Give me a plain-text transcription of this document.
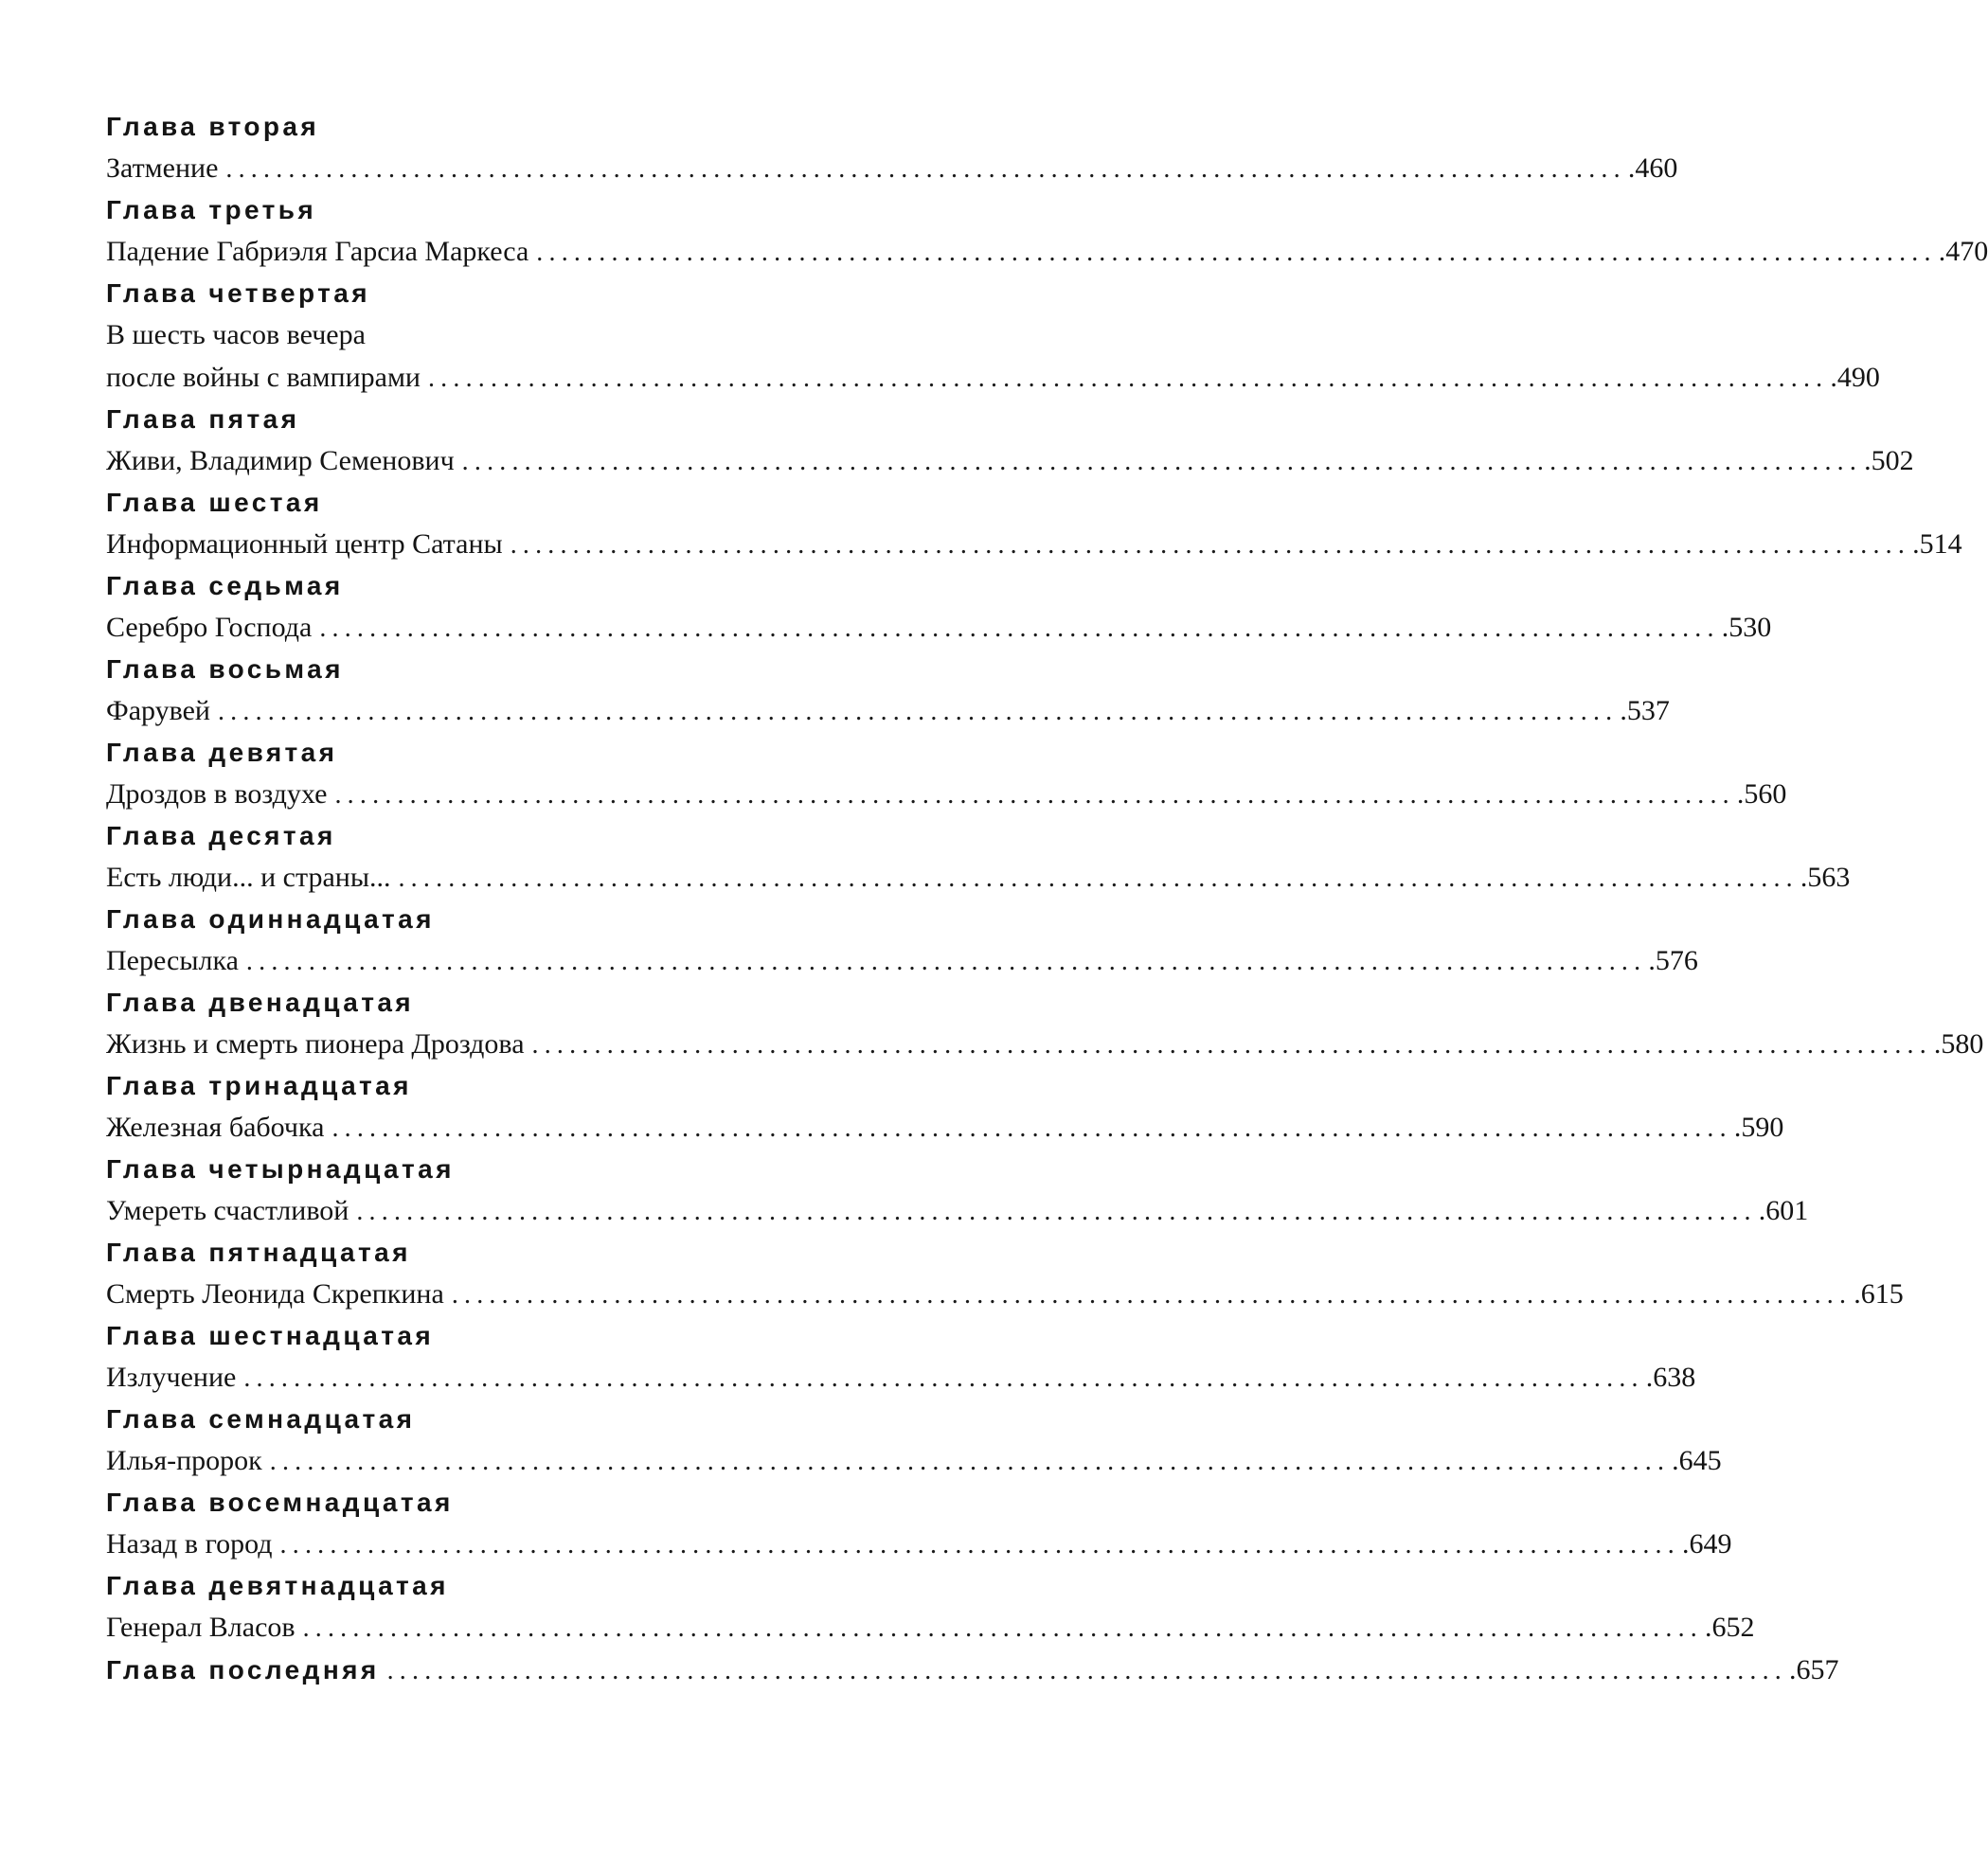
Глава вторая
Затмение ................................................................................................................ .460
Глава третья
Падение Габриэля Гарсиа Маркеса ................................................................................................................ .470
Глава четвертая
В шесть часов вечера
после войны с вампирами ................................................................................................................ .490
Глава пятая
Живи, Владимир Семенович ................................................................................................................ .502
Глава шестая
Информационный центр Сатаны ................................................................................................................ .514
Глава седьмая
Серебро Господа ................................................................................................................ .530
Глава восьмая
Фарувей ................................................................................................................ .537
Глава девятая
Дроздов в воздухе ................................................................................................................ .560
Глава десятая
Есть люди... и страны... ................................................................................................................ .563
Глава одиннадцатая
Пересылка ................................................................................................................ .576
Глава двенадцатая
Жизнь и смерть пионера Дроздова ................................................................................................................ .580
Глава тринадцатая
Железная бабочка ................................................................................................................ .590
Глава четырнадцатая
Умереть счастливой ................................................................................................................ .601
Глава пятнадцатая
Смерть Леонида Скрепкина ................................................................................................................ .615
Глава шестнадцатая
Излучение ................................................................................................................ .638
Глава семнадцатая
Илья-пророк ................................................................................................................ .645
Глава восемнадцатая
Назад в город ................................................................................................................ .649
Глава девятнадцатая
Генерал Власов ................................................................................................................ .652
Глава последняя ................................................................................................................ .657
